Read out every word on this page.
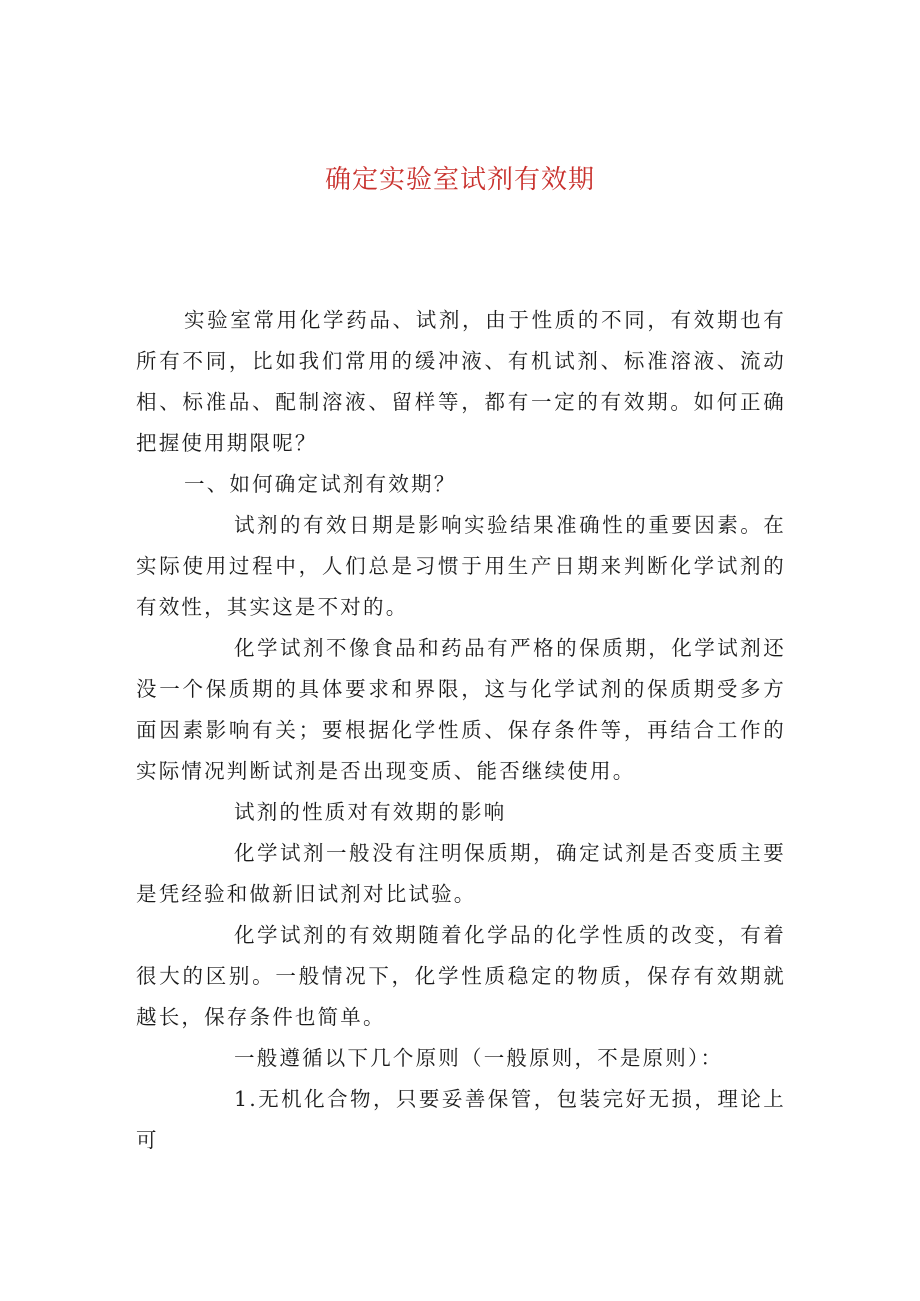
确定实验室试剂有效期

实验室常用化学药品、试剂，由于性质的不同，有效期也有所有不同，比如我们常用的缓冲液、有机试剂、标准溶液、流动相、标准品、配制溶液、留样等，都有一定的有效期。如何正确把握使用期限呢？

一、如何确定试剂有效期？

试剂的有效日期是影响实验结果准确性的重要因素。在实际使用过程中，人们总是习惯于用生产日期来判断化学试剂的有效性，其实这是不对的。

化学试剂不像食品和药品有严格的保质期，化学试剂还没一个保质期的具体要求和界限，这与化学试剂的保质期受多方面因素影响有关；要根据化学性质、保存条件等，再结合工作的实际情况判断试剂是否出现变质、能否继续使用。

试剂的性质对有效期的影响

化学试剂一般没有注明保质期，确定试剂是否变质主要是凭经验和做新旧试剂对比试验。

化学试剂的有效期随着化学品的化学性质的改变，有着很大的区别。一般情况下，化学性质稳定的物质，保存有效期就越长，保存条件也简单。

一般遵循以下几个原则（一般原则，不是原则）：

1.无机化合物，只要妥善保管，包装完好无损，理论上可
